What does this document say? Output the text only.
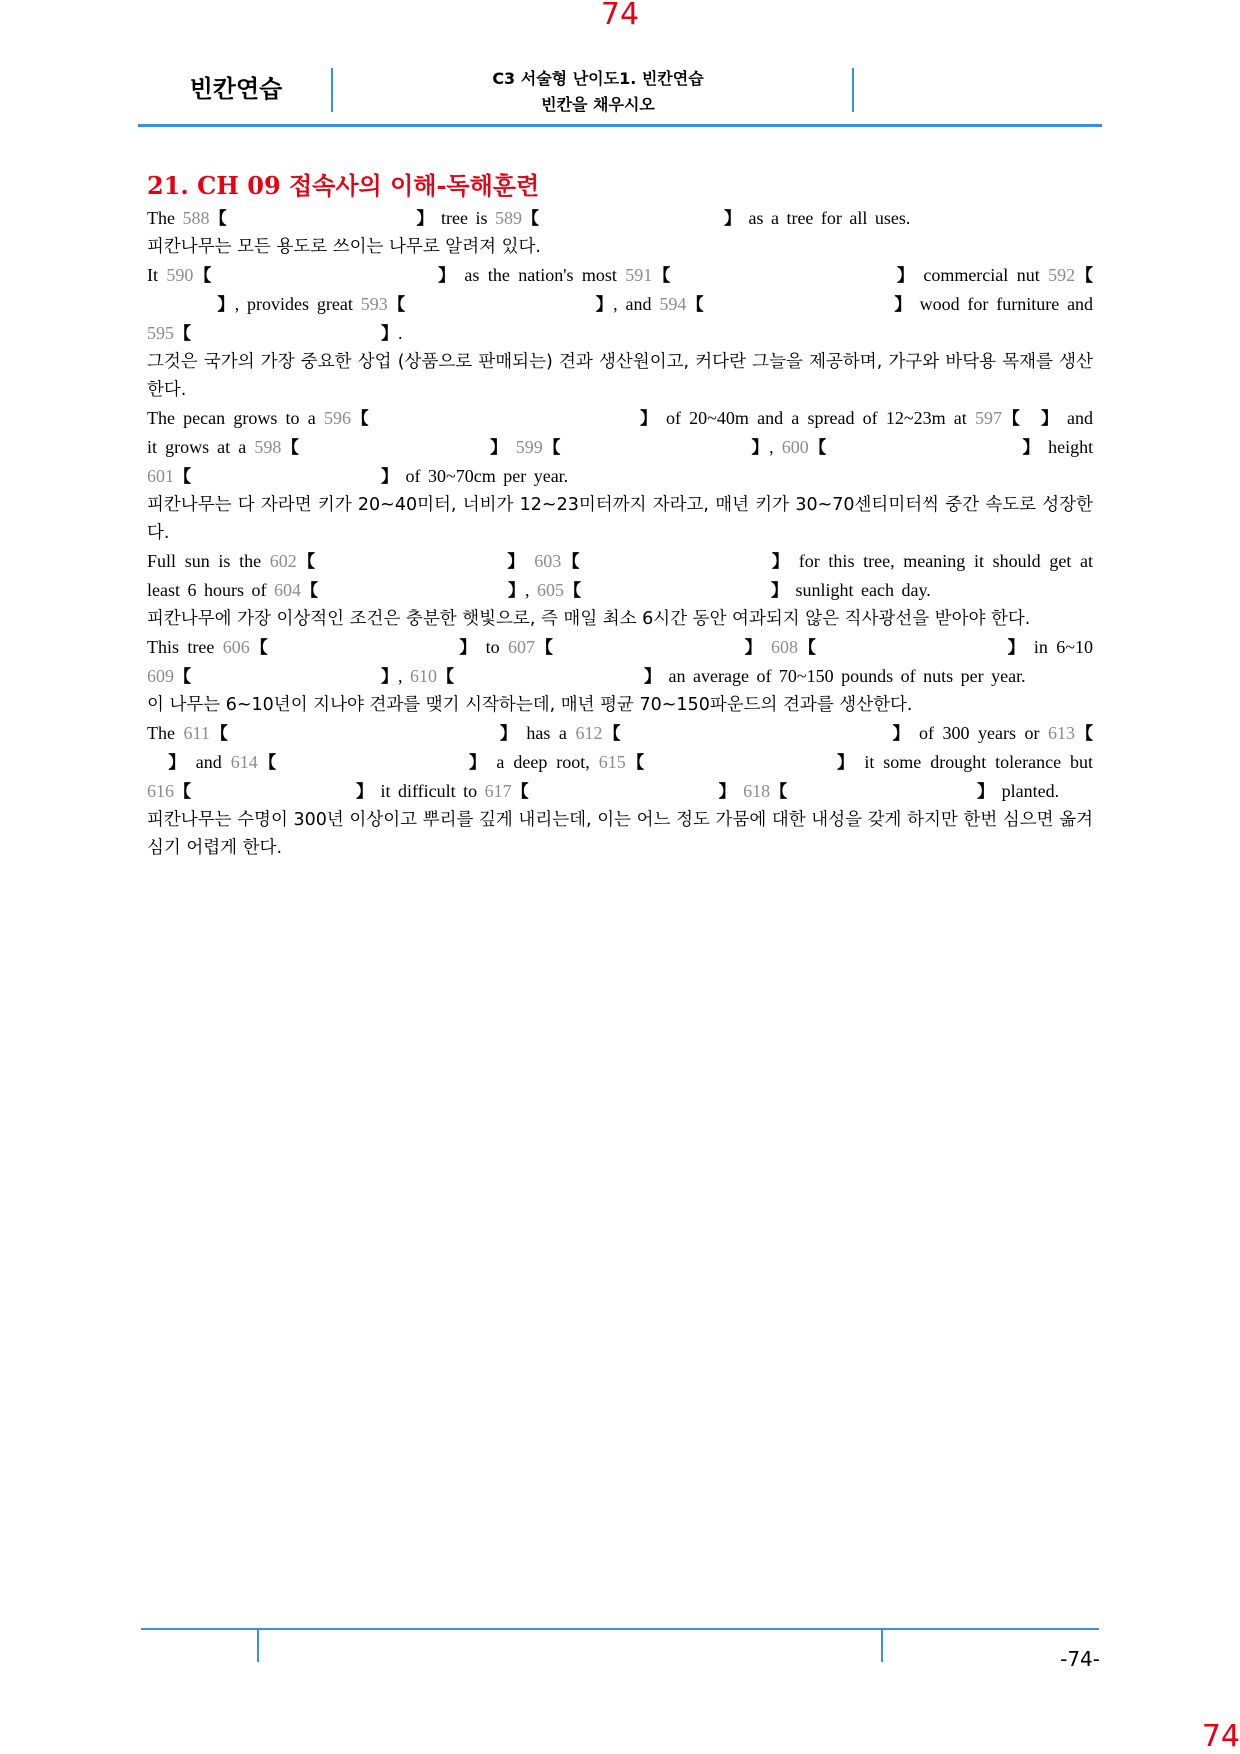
74
빈칸연습	C3 서술형 난이도1. 빈칸연습
빈칸을 채우시오
21. CH 09 접속사의 이해-독해훈련
The 588【	】 tree is 589【	】 as a tree for all uses.
피칸나무는 모든 용도로 쓰이는 나무로 알려져 있다.
It 590【	】 as the nation's most 591【	】 commercial nut 592【】, provides great 593【	】, and 594【	】 wood for furniture and 595【	】.
그것은 국가의 가장 중요한 상업 (상품으로 판매되는) 견과 생산원이고, 커다란 그늘을 제공하며, 가구와 바닥용 목재를 생산한다.
The pecan grows to a 596【	】 of 20~40m and a spread of 12~23m at 597【 】 and it grows at a 598【	】 599【	】, 600【	】 height 601【	】 of 30~70cm per year.
피칸나무는 다 자라면 키가 20~40미터, 너비가 12~23미터까지 자라고, 매년 키가 30~70센티미터씩 중간 속도로 성장한다.
Full sun is the 602【	】 603【	】 for this tree, meaning it should get at least 6 hours of 604【	】, 605【	】 sunlight each day.
피칸나무에 가장 이상적인 조건은 충분한 햇빛으로, 즉 매일 최소 6시간 동안 여과되지 않은 직사광선을 받아야 한다.
This tree 606【	】 to 607【	】 608【	】 in 6~10 609【	】, 610【	】 an average of 70~150 pounds of nuts per year.
이 나무는 6~10년이 지나야 견과를 맺기 시작하는데, 매년 평균 70~150파운드의 견과를 생산한다.
The 611【	】 has a 612【	】 of 300 years or 613【】 and 614【	】 a deep root, 615【	】 it some drought tolerance but 616【	】 it difficult to 617【	】 618【	】 planted.
피칸나무는 수명이 300년 이상이고 뿌리를 깊게 내리는데, 이는 어느 정도 가뭄에 대한 내성을 갖게 하지만 한번 심으면 옮겨 심기 어렵게 한다.
-74-
74
